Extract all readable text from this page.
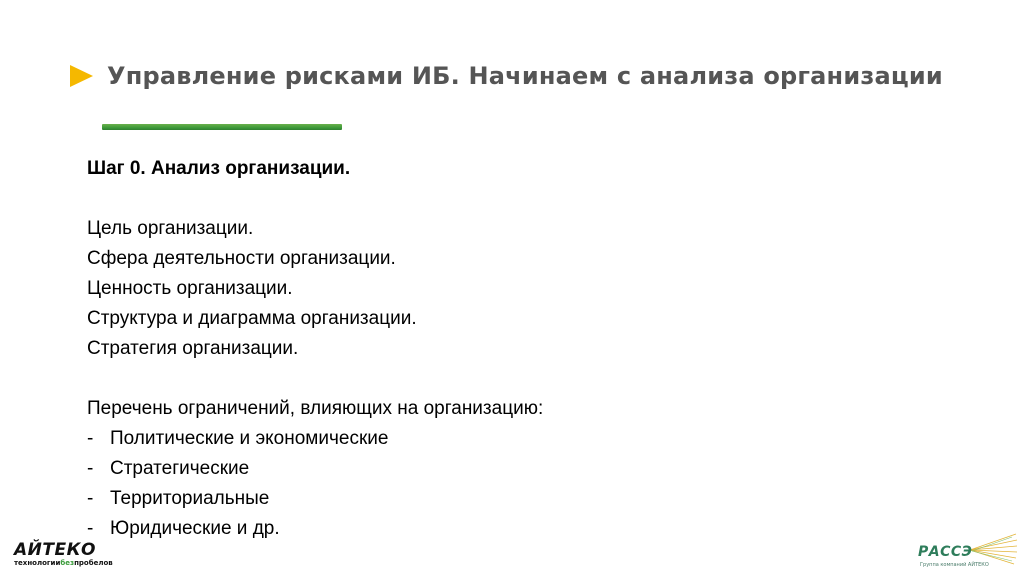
Управление рисками ИБ. Начинаем с анализа организации

Шаг 0. Анализ организации.

Цель организации.

Сфера деятельности организации.

Ценность организации.

Структура и диаграмма организации.

Стратегия организации.

Перечень ограничений, влияющих на организацию:

- Политические и экономические
- Стратегические
- Территориальные
- Юридические и др.
АЙТЕКО
технологиибезпробелов
РАССЭ
Группа компаний АЙТЕКО
